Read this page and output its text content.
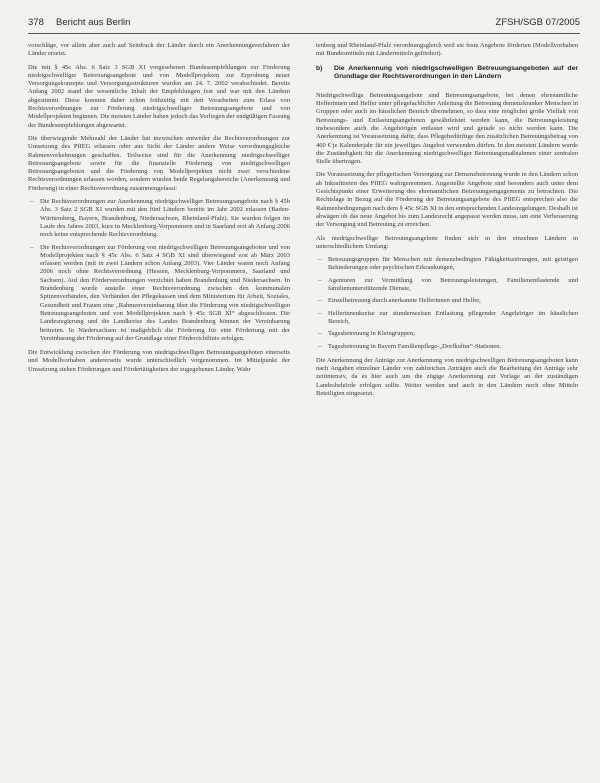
378 Bericht aus Berlin	ZFSH/SGB 07/2005

vorschläge, vor allem aber auch auf Seitdruck der Länder durch ein Anerkennungsverfahren der Länder ersetzt.

Die mit § 45c Abs. 6 Satz 3 SGB XI vorgesehenen Bundesempfehlungen zur Förderung niedrigschwelliger Betreuungsangebote und von Modellprojekten zur Erprobung neuer Versorgungskonzepte und Versorgungsstrukturen wurden am 24. 7. 2002 verabschiedet. Bereits Anfang 2002 stand der wesentliche Inhalt der Empfehlungen fest und war mit den Ländern abgestimmt. Diese konnten daher schon frühzeitig mit den Vorarbeiten zum Erlass von Rechtsverordnungen zur Förderung niedrigschwelliger Betreuungsangebote und von Modellprojekten beginnen. Die meisten Länder haben jedoch das Vorliegen der endgültigen Fassung der Bundesempfehlungen abgewartet.

Die überwiegende Mehrzahl der Länder hat inzwischen entweder die Rechtsverordnungen zur Umsetzung des PfIEG erlassen oder aus Sicht der Länder andere Weise verordnungsgleiche Rahmenvorkehrungen geschaffen. Teilweise sind für die Anerkennung niedrigschwelliger Betreuungsangebote sowie für die finanzielle Förderung von niedrigschwelligen Betreuungsangeboten und die Förderung von Modellprojekten nicht zwei verschiedene Rechtsverordnungen erlassen worden, sondern wurden beide Regelungsbereiche (Anerkennung und Förderung) in einer Rechtsverordnung zusammengefasst:

– Die Rechtsverordnungen zur Anerkennung niedrigschwelliger Betreuungsangebote nach § 45b Abs. 3 Satz 2 SGB XI wurden mit den fünf Ländern bereits im Jahr 2002 erlassen (Baden-Württemberg, Bayern, Brandenburg, Niedersachsen, Rheinland-Pfalz). Sie wurden folgen im Laufe des Jahres 2003, kurz in Mecklenburg-Vorpommern und in Saarland erst ab Anfang 2006 noch keine entsprechende Rechtsverordnung.
– Die Rechtsverordnungen zur Förderung von niedrigschwelligen Betreuungsangeboten und von Modellprojekten nach § 45c Abs. 6 Satz 4 SGB XI sind überwiegend erst ab März 2003 erlassen worden (mit in zwei Ländern schon Anfang 2003). Vier Länder waren noch Anfang 2006 noch ohne Rechtsverordnung (Hessen, Mecklenburg-Vorpommern, Saarland und Sachsen). Auf den Förderverordnungen verzichtet haben Brandenburg und Niedersachsen. In Brandenburg wurde anstelle einer Rechtsverordnung zwischen den kommunalen Spitzenverbänden, den Verbänden der Pflegekassen und dem Ministerium für Arbeit, Soziales, Gesundheit und Frauen eine „Rahmenvereinbarung über die Förderung von niedrigschwelligen Betreuungsangeboten und von Modellprojekten nach § 45c SGB XI“ abgeschlossen. Die Landesregierung und die Landkreise des Landes Brandenburg können der Vereinbarung beitreten. In Niedersachsen ist maßgeblich die Förderung für eine Fördertung mit der Vereinbarung der Förderung auf der Grundlage einer Förderrichtlinie erfolgen.

Die Entwicklung zwischen der Förderung von niedrigschwelligen Betreuungsangeboten einerseits und Modellvorhaben andererseits wurde unterschiedlich vorgenommen. Im Mittelpunkt der Umsetzung stehen Förderungen und Fördertätigkeiten der zugegebenen Länder. Wahr

tenberg und Rheinland-Pfalz verordnungsgleich weil sie feste Angebote förderten (Modellvorhaben mit Bundesmitteln mit Ländermitteln gefördert).

b)	Die Anerkennung von niedrigschwelligen Betreuungsangeboten auf der Grundlage der Rechtsverordnungen in den Ländern

Niedrigschwellige Betreuungsangebote sind Betreuungsangebote, bei denen ehrenamtliche Helferinnen und Helfer unter pflegefachlicher Anleitung die Betreuung demenzkranker Menschen in Gruppen oder auch im häuslichen Bereich übernehmen, so dass eine möglichst große Vielfalt von Betreuungs- und Entlastungsangeboten gewährleistet werden kann, die Betreuungsleistung insbesondere auch die Angehörigen entlastet wird und gerade so nicht werden kann. Die Anerkennung ist Voraussetzung dafür, dass Pflegebedürftige den zusätzlichen Betreuungsbetrag von 460 € je Kalenderjahr für ein jeweiliges Angebot verwenden dürfen. In den meisten Ländern wurde die Zuständigkeit für die Anerkennung niedrigschwelliger Betreuungsmaßnahmen einer zentralen Stelle übertragen.

Die Voraussetzung der pflegerischen Versorgung zur Demenzbetreuung wurde in den Ländern schon ab Inkrafttreten des PfIEG wahrgenommen. Angestellte Angebote sind besonders auch unter dem Gesichtspunkt einer Erweiterung des ehrenamtlichen Betreuungsengagements zu betrachten. Die Rechtslage in Bezug auf die Förderung der Betreuungsangebote des PfIEG entsprechen also die Rahmenbedingungen nach dem § 45c SGB XI in den entsprechenden Landesregelungen. Deshalb ist abwägen ob das neue Angebot bis zum Landesrecht angepasst werden muss, um eine Verbesserung der Versorgung und Betreuung zu erreichen.

Als niedrigschwellige Betreuungsangebote finden sich in den einzelnen Ländern in unterschiedlichem Umfang:

– Betreuungsgruppen für Menschen mit demenzbedingten Fähigkeitsstörungen, mit geistigen Behinderungen oder psychischen Erkrankungen,
– Agenturen zur Vermittlung von Betreuungsleistungen, Familienentlastende und familienunterstützende Dienste,
– Einzelbetreuung durch anerkannte Helferinnen und Helfer,
– Helferinnenkreise zur stundenweisen Entlastung pflegender Angehöriger im häuslichen Bereich,
– Tagesbetreuung in Kleingruppen,
– Tagesbetreuung in Bayern Familienpflege-„Dorfkultur“-Stationen.

Die Anerkennung der Anträge zur Anerkennung von niedrigschwelligen Betreuungsangeboten kann nach Angaben einzelner Länder von zahlreichen Anträgen auch die Bearbeitung der Anträge sehr zeitintensiv, da es hier auch um die zügige Anerkennung zur Vorlage an der zuständigen Landesbehörde erfolgen sollte. Weiter werden und auch in den Ländern noch ohne Mitteln Beteiligten eingesetzt.
